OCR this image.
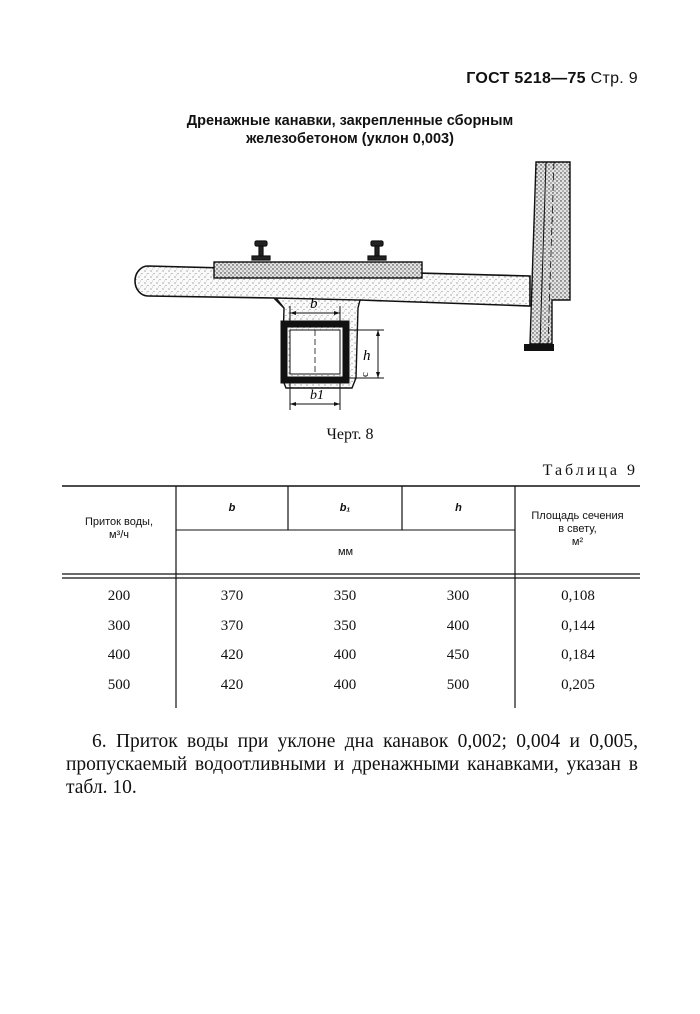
ГОСТ 5218—75 Стр. 9
Дренажные канавки, закрепленные сборным
железобетоном (уклон 0,003)
b
h
c
b1
Черт. 8
Таблица 9
Приток воды,
м³/ч
b	b₁	h
мм
Площадь сечения
в свету,
м²
200	370	350	300	0,108
300	370	350	400	0,144
400	420	400	450	0,184
500	420	400	500	0,205
6. Приток воды при уклоне дна канавок 0,002; 0,004 и 0,005, пропускаемый водоотливными и дренажными канавками, указан в табл. 10.
